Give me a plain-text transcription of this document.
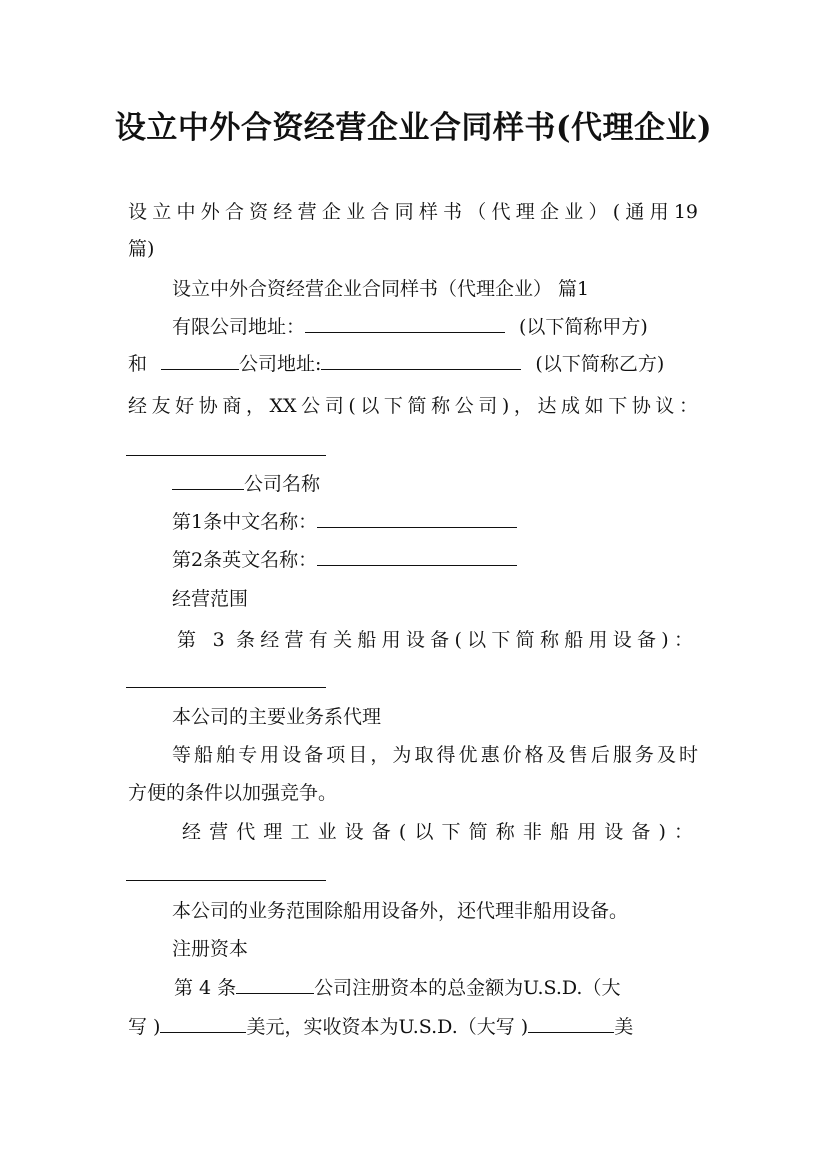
设立中外合资经营企业合同样书(代理企业)
设立中外合资经营企业合同样书（代理企业）(通用19
篇)
设立中外合资经营企业合同样书（代理企业） 篇1
有限公司地址：	(以下简称甲方)
和	公司地址:	(以下简称乙方)
经友好协商，XX公司(以下简称公司)，达成如下协议：
公司名称
第1条中文名称：
第2条英文名称：
经营范围
第 3 条经营有关船用设备(以下简称船用设备)：
本公司的主要业务系代理
等船舶专用设备项目，为取得优惠价格及售后服务及时
方便的条件以加强竞争。
经营代理工业设备(以下简称非船用设备)：
本公司的业务范围除船用设备外，还代理非船用设备。
注册资本
第 4 条	公司注册资本的总金额为U.S.D.（大
写 )	美元，实收资本为U.S.D.（大写 )	美
